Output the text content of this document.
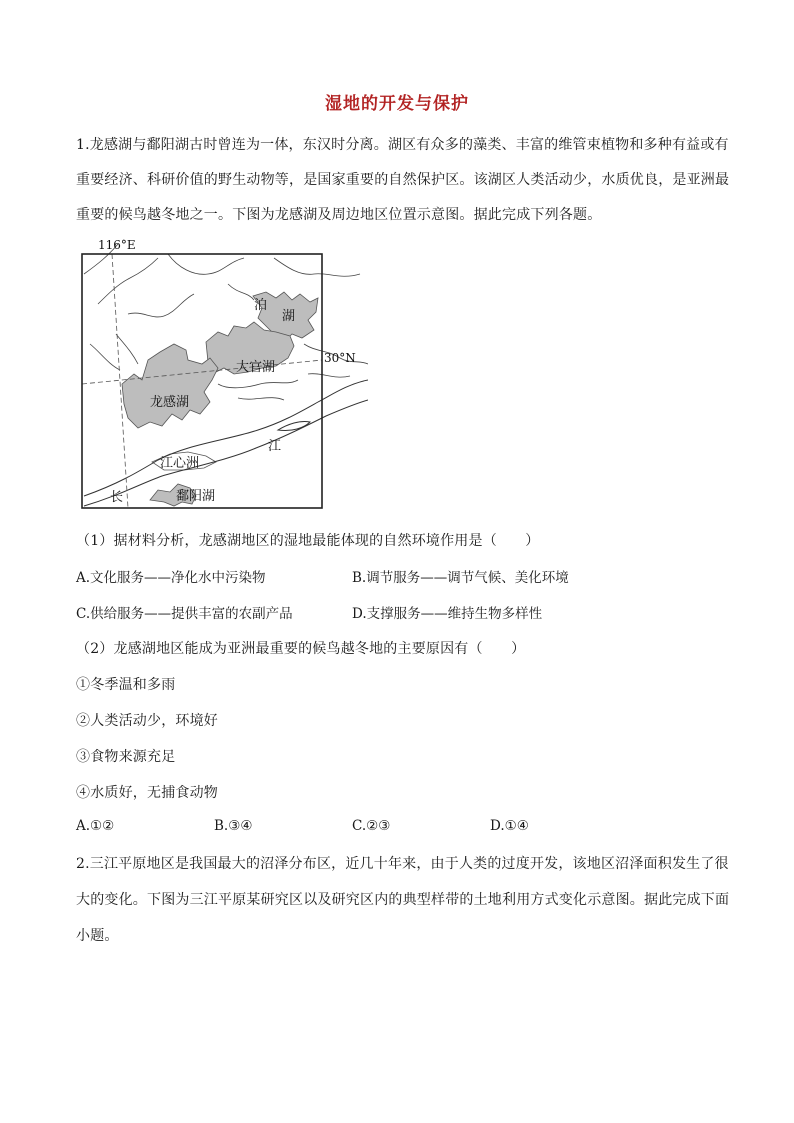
湿地的开发与保护
1.龙感湖与鄱阳湖古时曾连为一体，东汉时分离。湖区有众多的藻类、丰富的维管束植物和多种有益或有
重要经济、科研价值的野生动物等，是国家重要的自然保护区。该湖区人类活动少，水质优良，是亚洲最
重要的候鸟越冬地之一。下图为龙感湖及周边地区位置示意图。据此完成下列各题。
116°E
30°N
泊
湖
大官湖
龙感湖
江心洲
江
长	鄱阳湖
（1）据材料分析，龙感湖地区的湿地最能体现的自然环境作用是（　　）
A.文化服务——净化水中污染物	B.调节服务——调节气候、美化环境
C.供给服务——提供丰富的农副产品	D.支撑服务——维持生物多样性
（2）龙感湖地区能成为亚洲最重要的候鸟越冬地的主要原因有（　　）
①冬季温和多雨
②人类活动少，环境好
③食物来源充足
④水质好，无捕食动物
A.①②	B.③④	C.②③	D.①④
2.三江平原地区是我国最大的沼泽分布区，近几十年来，由于人类的过度开发，该地区沼泽面积发生了很
大的变化。下图为三江平原某研究区以及研究区内的典型样带的土地利用方式变化示意图。据此完成下面
小题。
